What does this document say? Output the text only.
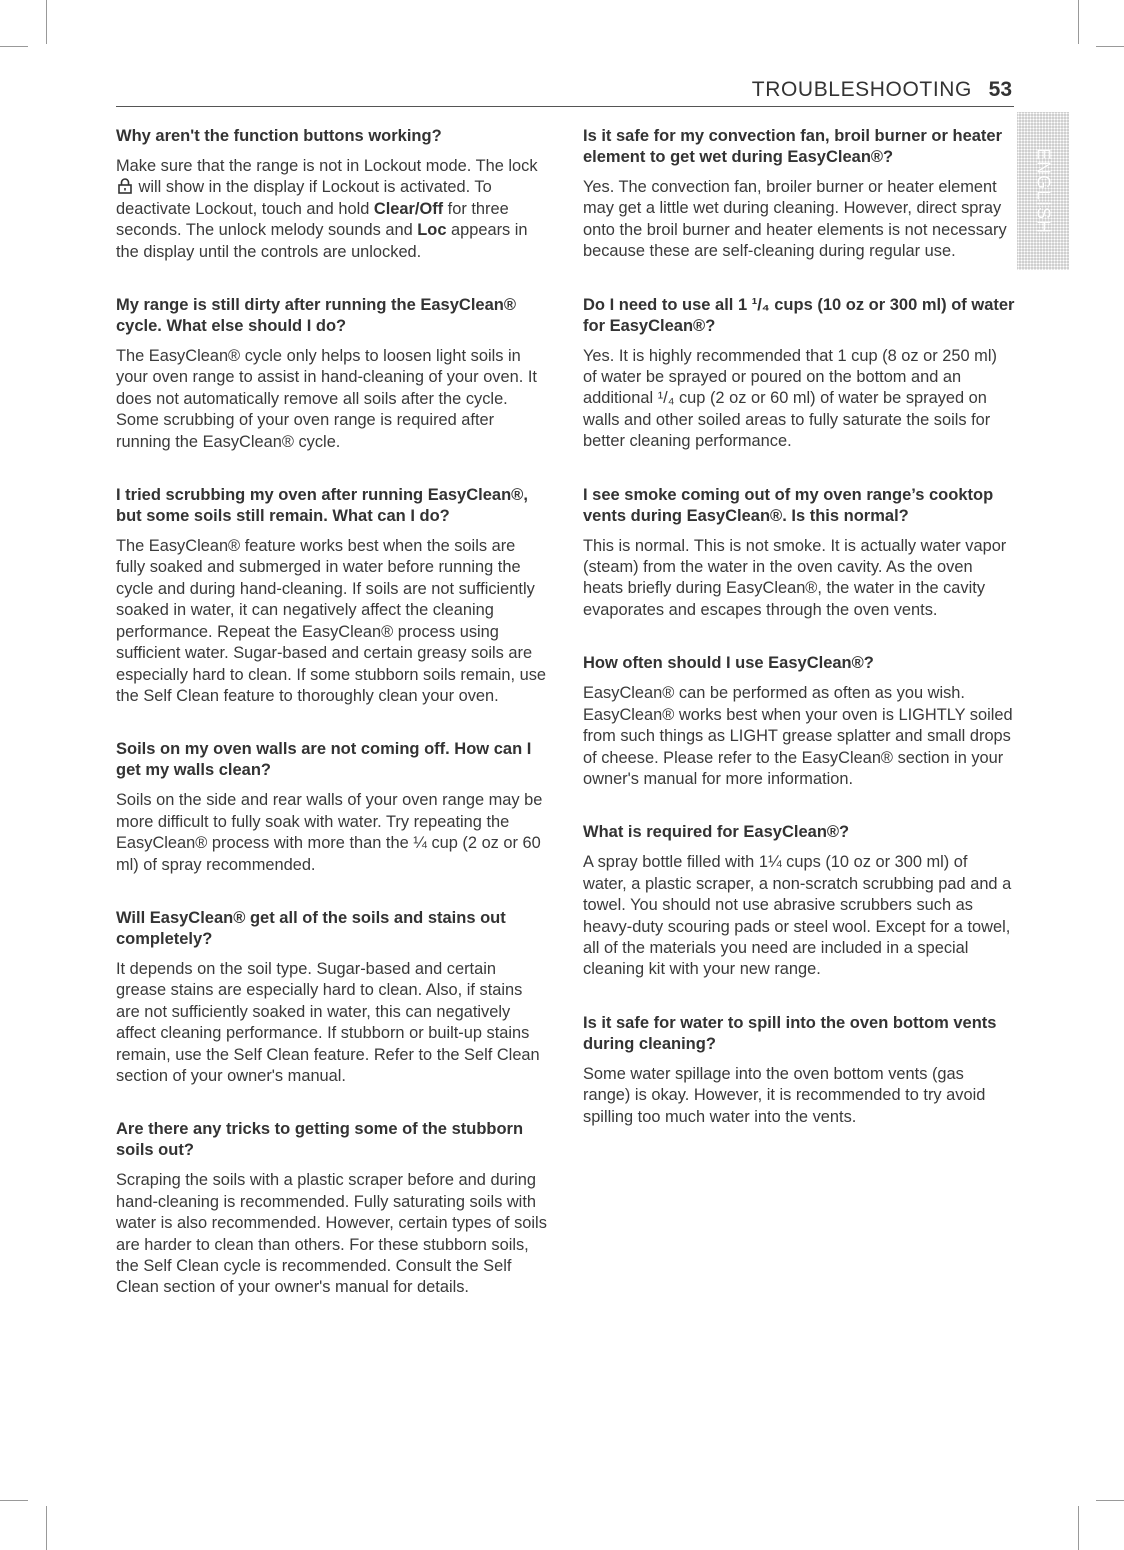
TROUBLESHOOTING 53
ENGLISH
Why aren't the function buttons working?

Make sure that the range is not in Lockout mode. The lock  will show in the display if Lockout is activated. To deactivate Lockout, touch and hold Clear/Off for three seconds. The unlock melody sounds and Loc appears in the display until the controls are unlocked.

My range is still dirty after running the EasyClean® cycle. What else should I do?

The EasyClean® cycle only helps to loosen light soils in your oven range to assist in hand-cleaning of your oven. It does not automatically remove all soils after the cycle. Some scrubbing of your oven range is required after running the EasyClean® cycle.

I tried scrubbing my oven after running EasyClean®, but some soils still remain. What can I do?

The EasyClean® feature works best when the soils are fully soaked and submerged in water before running the cycle and during hand-cleaning. If soils are not sufficiently soaked in water, it can negatively affect the cleaning performance. Repeat the EasyClean® process using sufficient water. Sugar-based and certain greasy soils are especially hard to clean. If some stubborn soils remain, use the Self Clean feature to thoroughly clean your oven.

Soils on my oven walls are not coming off. How can I get my walls clean?

Soils on the side and rear walls of your oven range may be more difficult to fully soak with water. Try repeating the EasyClean® process with more than the ¼ cup (2 oz or 60 ml) of spray recommended.

Will EasyClean® get all of the soils and stains out completely?

It depends on the soil type. Sugar-based and certain grease stains are especially hard to clean. Also, if stains are not sufficiently soaked in water, this can negatively affect cleaning performance. If stubborn or built-up stains remain, use the Self Clean feature. Refer to the Self Clean section of your owner's manual.

Are there any tricks to getting some of the stubborn soils out?

Scraping the soils with a plastic scraper before and during hand-cleaning is recommended. Fully saturating soils with water is also recommended. However, certain types of soils are harder to clean than others. For these stubborn soils, the Self Clean cycle is recommended. Consult the Self Clean section of your owner's manual for details.

Is it safe for my convection fan, broil burner or heater element to get wet during EasyClean®?

Yes. The convection fan, broiler burner or heater element may get a little wet during cleaning. However, direct spray onto the broil burner and heater elements is not necessary because these are self-cleaning during regular use.

Do I need to use all 1 ¹/₄ cups (10 oz or 300 ml) of water for EasyClean®?

Yes. It is highly recommended that 1 cup (8 oz or 250 ml) of water be sprayed or poured on the bottom and an additional ¹/₄ cup (2 oz or 60 ml) of water be sprayed on walls and other soiled areas to fully saturate the soils for better cleaning performance.

I see smoke coming out of my oven range’s cooktop vents during EasyClean®. Is this normal?

This is normal. This is not smoke. It is actually water vapor (steam) from the water in the oven cavity. As the oven heats briefly during EasyClean®, the water in the cavity evaporates and escapes through the oven vents.

How often should I use EasyClean®?

EasyClean® can be performed as often as you wish. EasyClean® works best when your oven is LIGHTLY soiled from such things as LIGHT grease splatter and small drops of cheese. Please refer to the EasyClean® section in your owner's manual for more information.

What is required for EasyClean®?

A spray bottle filled with 1¼ cups (10 oz or 300 ml) of water, a plastic scraper, a non-scratch scrubbing pad and a towel. You should not use abrasive scrubbers such as heavy-duty scouring pads or steel wool. Except for a towel, all of the materials you need are included in a special cleaning kit with your new range.

Is it safe for water to spill into the oven bottom vents during cleaning?

Some water spillage into the oven bottom vents (gas range) is okay. However, it is recommended to try avoid spilling too much water into the vents.
